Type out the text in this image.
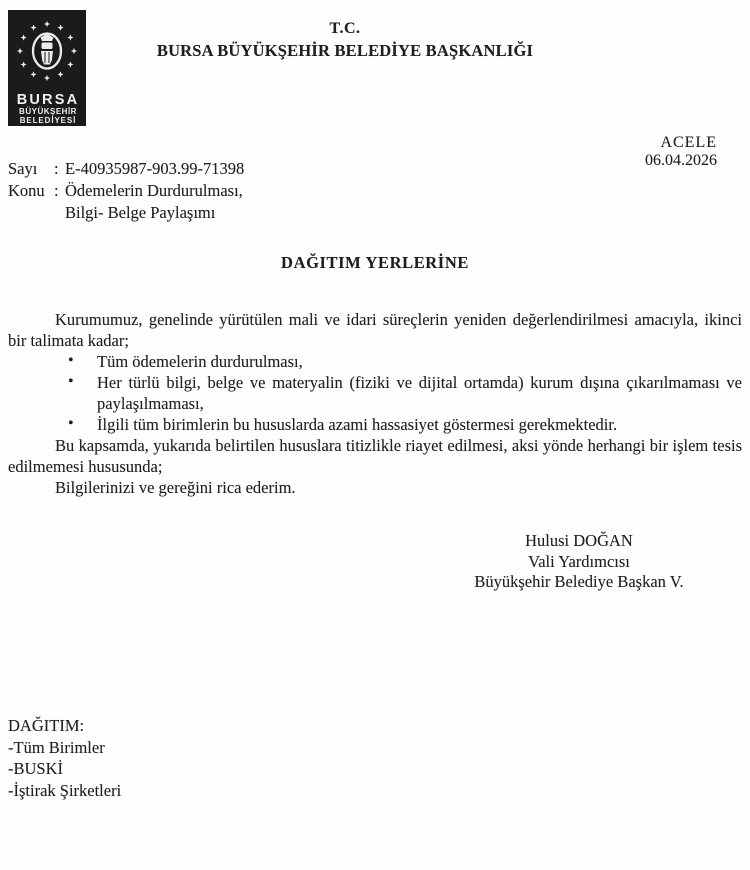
BURSA
BÜYÜKŞEHİR
BELEDİYESİ
T.C.
BURSA BÜYÜKŞEHİR BELEDİYE BAŞKANLIĞI
ACELE
06.04.2026
Sayı	: E-40935987-903.99-71398
Konu : Ödemelerin Durdurulması,
Bilgi- Belge Paylaşımı
DAĞITIM YERLERİNE

Kurumumuz, genelinde yürütülen mali ve idari süreçlerin yeniden değerlendirilmesi amacıyla, ikinci bir talimata kadar;

• Tüm ödemelerin durdurulması,
• Her türlü bilgi, belge ve materyalin (fiziki ve dijital ortamda) kurum dışına çıkarılmaması ve paylaşılmaması,
• İlgili tüm birimlerin bu hususlarda azami hassasiyet göstermesi gerekmektedir.

Bu kapsamda, yukarıda belirtilen hususlara titizlikle riayet edilmesi, aksi yönde herhangi bir işlem tesis edilmemesi hususunda;

Bilgilerinizi ve gereğini rica ederim.

Hulusi DOĞAN
Vali Yardımcısı
Büyükşehir Belediye Başkan V.
DAĞITIM:
-Tüm Birimler
-BUSKİ
-İştirak Şirketleri
